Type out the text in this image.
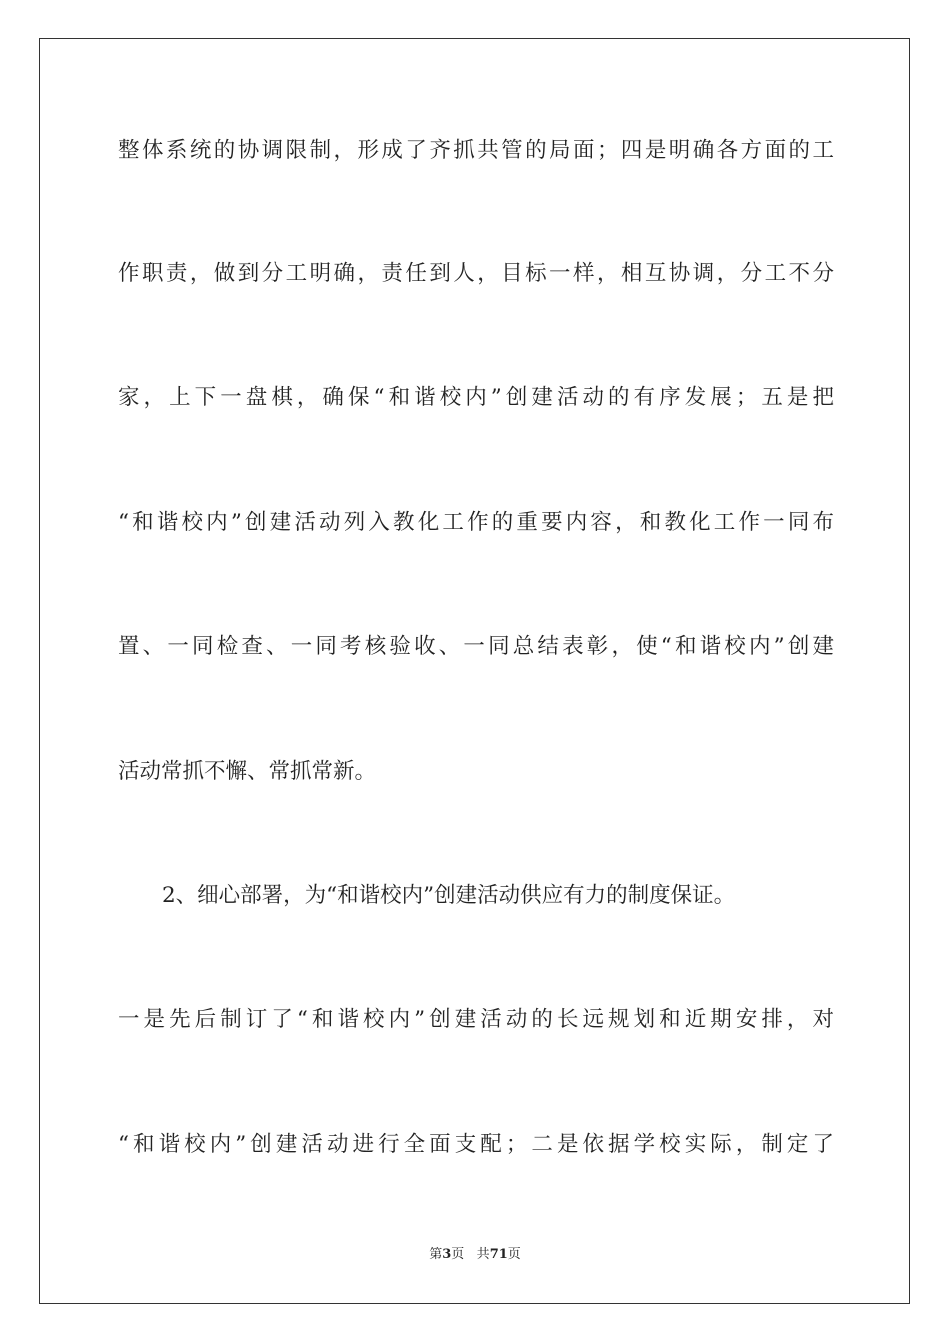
整体系统的协调限制，形成了齐抓共管的局面；四是明确各方面的工
作职责，做到分工明确，责任到人，目标一样，相互协调，分工不分
家，上下一盘棋，确保“和谐校内”创建活动的有序发展；五是把
“和谐校内”创建活动列入教化工作的重要内容，和教化工作一同布
置、一同检查、一同考核验收、一同总结表彰，使“和谐校内”创建
活动常抓不懈、常抓常新。
2、细心部署，为“和谐校内”创建活动供应有力的制度保证。
一是先后制订了“和谐校内”创建活动的长远规划和近期安排，对
“和谐校内”创建活动进行全面支配；二是依据学校实际，制定了
第3页 共71页
